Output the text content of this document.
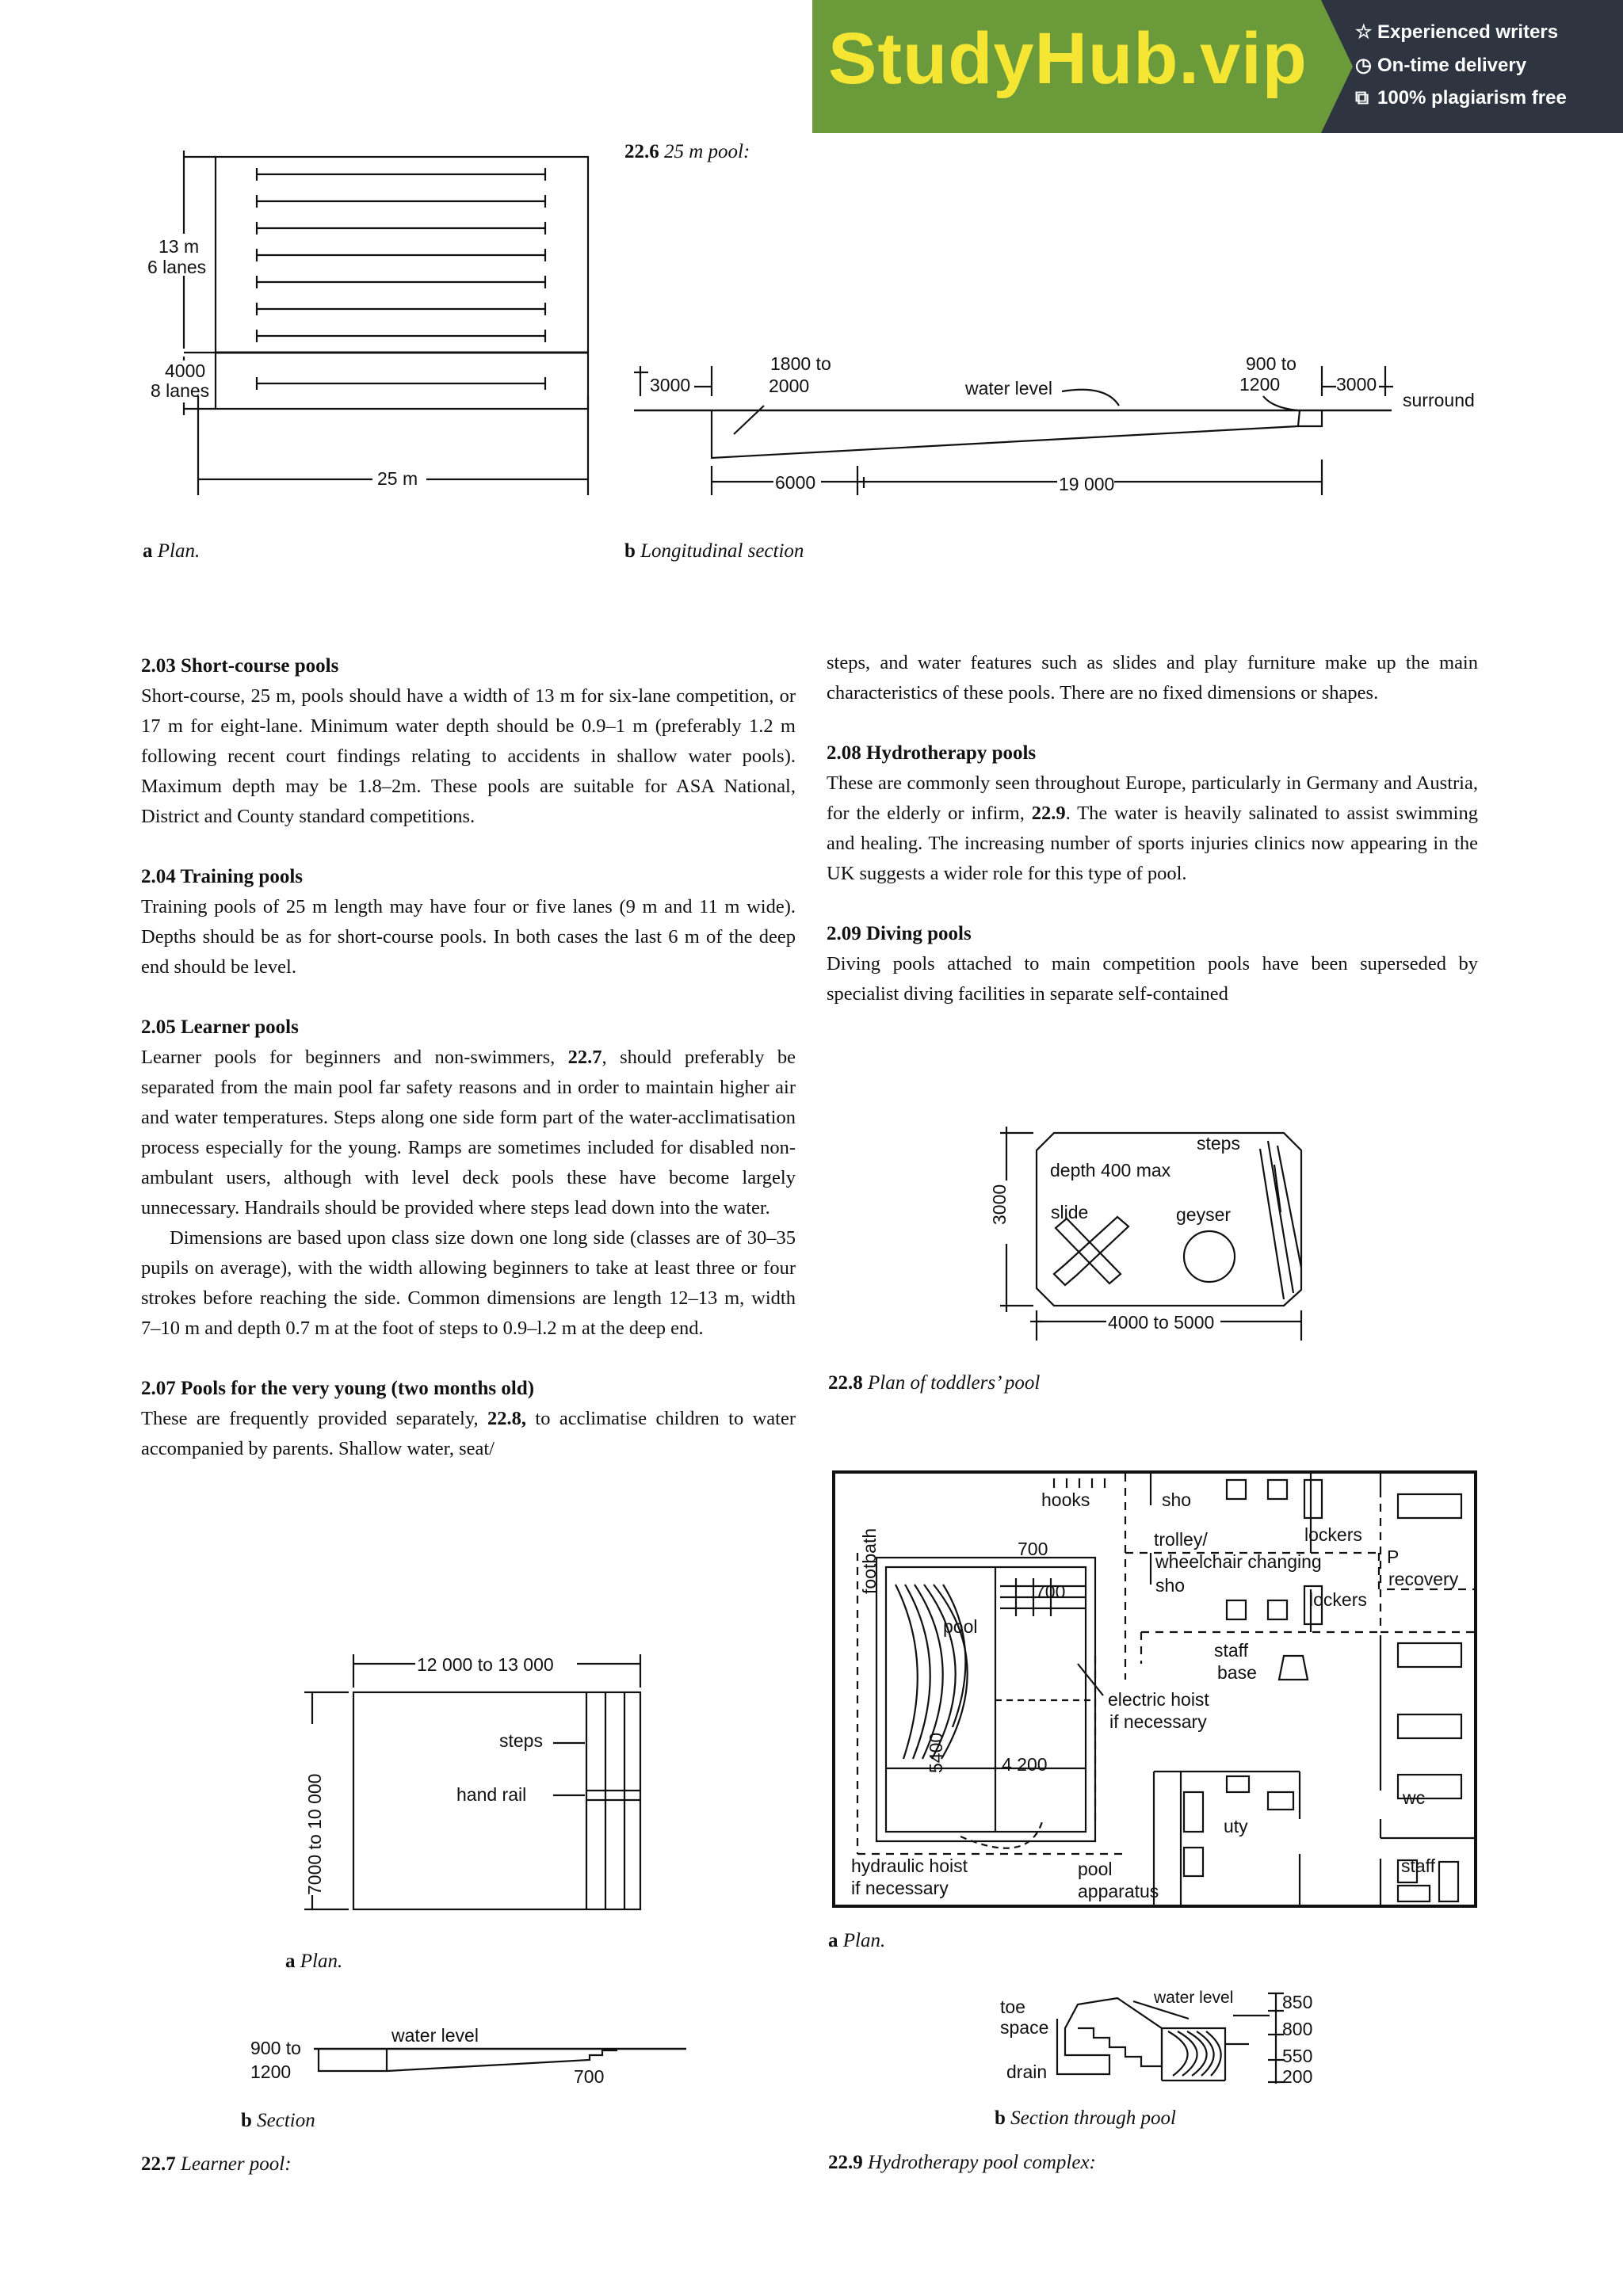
StudyHub.vip	☆ Experienced writers
◷ On-time delivery
⧉ 100% plagiarism free
22.6 25 m pool:
13 m
6 lanes
4000
8 lanes
25 m
a Plan.
3000
1800 to
2000	water level
900 to
1200	3000
surround
6000	19 000
b Longitudinal section

2.03 Short-course pools

Short-course, 25 m, pools should have a width of 13 m for six-lane competition, or 17 m for eight-lane. Minimum water depth should be 0.9–1 m (preferably 1.2 m following recent court findings relating to accidents in shallow water pools). Maximum depth may be 1.8–2m. These pools are suitable for ASA National, District and County standard competitions.

2.04 Training pools

Training pools of 25 m length may have four or five lanes (9 m and 11 m wide). Depths should be as for short-course pools. In both cases the last 6 m of the deep end should be level.

2.05 Learner pools

Learner pools for beginners and non-swimmers, 22.7, should preferably be separated from the main pool far safety reasons and in order to maintain higher air and water temperatures. Steps along one side form part of the water-acclimatisation process especially for the young. Ramps are sometimes included for disabled non-ambulant users, although with level deck pools these have become largely unnecessary. Handrails should be provided where steps lead down into the water.

Dimensions are based upon class size down one long side (classes are of 30–35 pupils on average), with the width allowing beginners to take at least three or four strokes before reaching the side. Common dimensions are length 12–13 m, width 7–10 m and depth 0.7 m at the foot of steps to 0.9–l.2 m at the deep end.

2.07 Pools for the very young (two months old)

These are frequently provided separately, 22.8, to acclimatise children to water accompanied by parents. Shallow water, seat/

steps, and water features such as slides and play furniture make up the main characteristics of these pools. There are no fixed dimensions or shapes.

2.08 Hydrotherapy pools

These are commonly seen throughout Europe, particularly in Germany and Austria, for the elderly or infirm, 22.9. The water is heavily salinated to assist swimming and healing. The increasing number of sports injuries clinics now appearing in the UK suggests a wider role for this type of pool.

2.09 Diving pools

Diving pools attached to main competition pools have been superseded by specialist diving facilities in separate self-contained

steps
depth 400 max
slide	geyser
3000
4000 to 5000
22.8 Plan of toddlers’ pool
12 000 to 13 000
7000 to 10 000
steps
hand rail
a Plan.
900 to
1200
water level
700
b Section
22.7 Learner pool:
hooks	sho
trolley/
wheelchair changing
sho
lockers
lockers
P
recovery
footbath	700
700
pool
staff
base
electric hoist
if necessary
5400	4 200
uty
wc
staff
hydraulic hoist
if necessary
pool
apparatus
a Plan.
toe
space
drain
water level	850
800
550
200
b Section through pool
22.9 Hydrotherapy pool complex:
